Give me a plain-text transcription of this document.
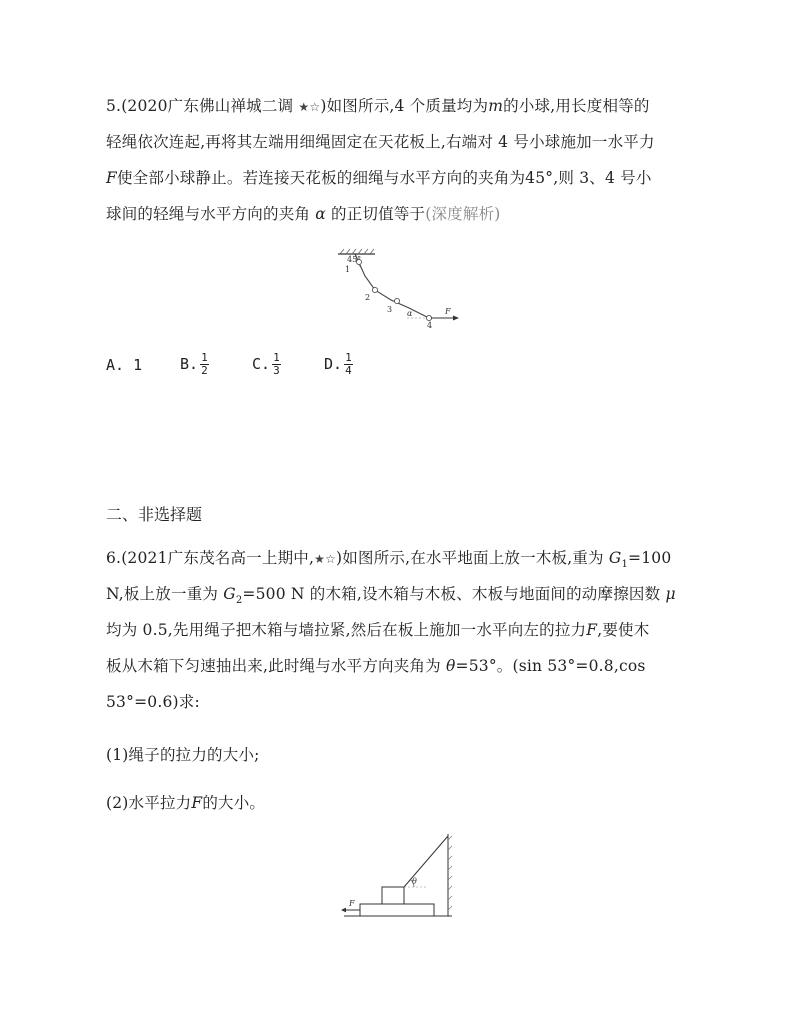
5.(2020广东佛山禅城二调 ★☆)如图所示,4 个质量均为m的小球,用长度相等的
轻绳依次连起,再将其左端用细绳固定在天花板上,右端对 4 号小球施加一水平力
F使全部小球静止。若连接天花板的细绳与水平方向的夹角为45°,则 3、4 号小
球间的轻绳与水平方向的夹角 α 的正切值等于(深度解析)
45°
1
2
3
4
α	F
A. 1	B. $\frac{1}{2}$	C. $\frac{1}{3}$	D. $\frac{1}{4}$
二、非选择题
6.(2021广东茂名高一上期中,★☆)如图所示,在水平地面上放一木板,重为 $G_1=100$
N,板上放一重为 $G_2=500$ N 的木箱,设木箱与木板、木板与地面间的动摩擦因数 μ
均为 0.5,先用绳子把木箱与墙拉紧,然后在板上施加一水平向左的拉力F,要使木
板从木箱下匀速抽出来,此时绳与水平方向夹角为 θ=53°。(sin 53°=0.8,cos
53°=0.6)求:
(1)绳子的拉力的大小;
(2)水平拉力F的大小。
θ
F
